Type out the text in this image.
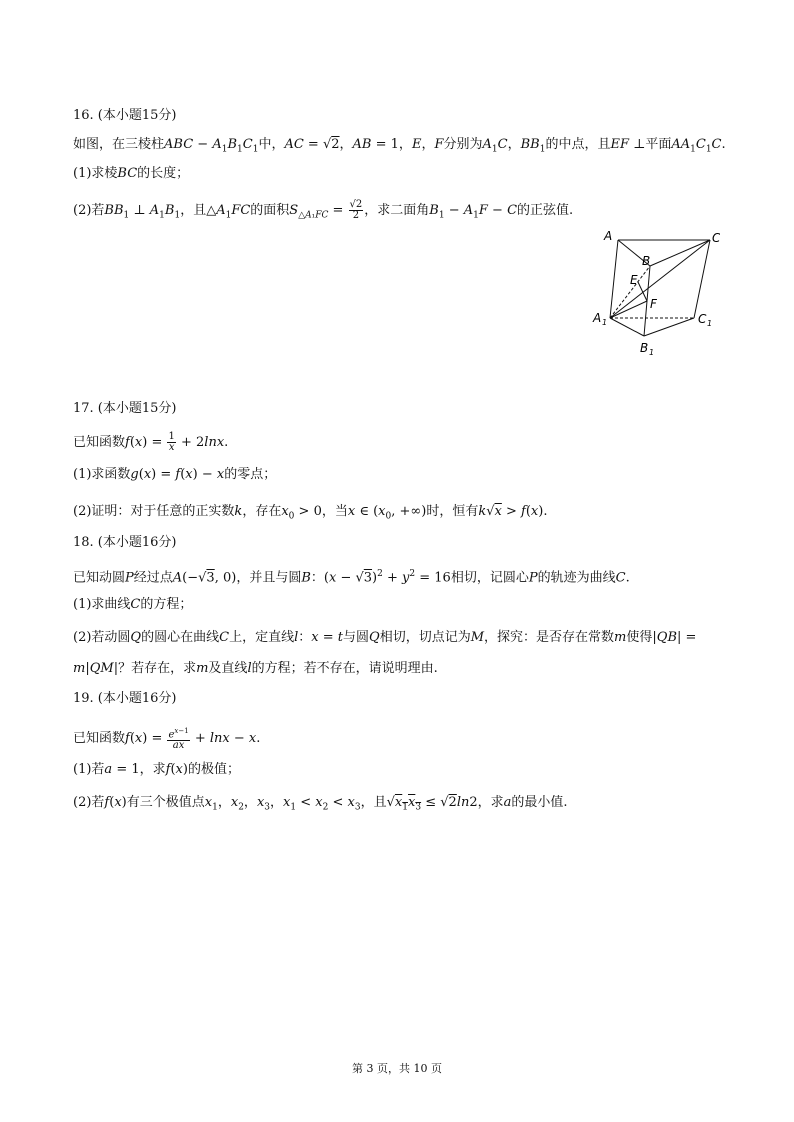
16. (本小题15分)
如图，在三棱柱ABC − $A_1B_1C_1$中，AC = √2，AB = 1，E，F分别为$A_1C$，$BB_1$的中点，且EF ⊥平面$AA_1C_1C$.
(1)求棱BC的长度；
(2)若$BB_1$ ⊥ $A_1B_1$，且$\triangle A_1FC$的面积$S_{\triangle A_1FC} = \frac{√2}{2}$ ，求二面角$B_1 - A_1F - C$的正弦值.
A	C
B
E
F
A 1	C 1
B 1
17. (本小题15分)
已知函数$f(x) = \frac{1}{x} + 2\ln x$.
(1)求函数g(x) = f(x) − x的零点；
(2)证明：对于任意的正实数k，存在$x_0 > 0$，当x ∈ ($x_0$, +∞)时，恒有k√x > f(x).
18. (本小题16分)
已知动圆P经过点A(−√3, 0)，并且与圆B：$(x - √3)^2 + y^2 = 16$相切，记圆心P的轨迹为曲线C.
(1)求曲线C的方程；
(2)若动圆Q的圆心在曲线C上，定直线l：x = t与圆Q相切，切点记为M，探究：是否存在常数m使得|QB| =
m|QM|？若存在，求m及直线l的方程；若不存在，请说明理由.
19. (本小题16分)
已知函数$f(x) = \frac{e^{x-1}}{ax} + \ln x - x$.
(1)若a = 1，求f(x)的极值；
(2)若f(x)有三个极值点$x_1$，$x_2$，$x_3$，$x_1 < x_2 < x_3$，且$√x_1x_3 \le √2\ln 2$，求a的最小值.
第 3 页，共 10 页
